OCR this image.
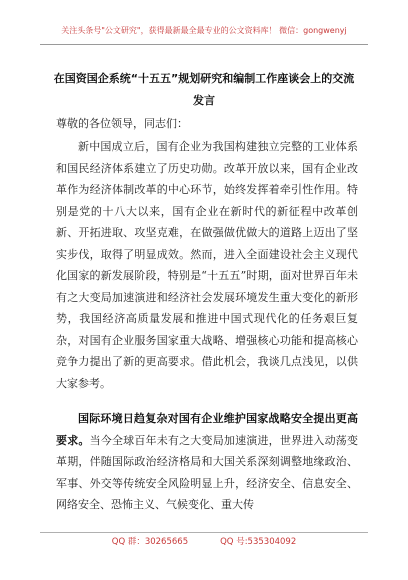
关注头条号"公文研究"，获得最新最全最专业的公文资料库！ 微信：gongwenyj
在国资国企系统“十五五”规划研究和编制工作座谈会上的交流发言
尊敬的各位领导，同志们：

新中国成立后，国有企业为我国构建独立完整的工业体系和国民经济体系建立了历史功勋。改革开放以来，国有企业改革作为经济体制改革的中心环节，始终发挥着牵引性作用。特别是党的十八大以来，国有企业在新时代的新征程中改革创新、开拓进取、攻坚克难，在做强做优做大的道路上迈出了坚实步伐，取得了明显成效。然而，进入全面建设社会主义现代化国家的新发展阶段，特别是“十五五”时期，面对世界百年未有之大变局加速演进和经济社会发展环境发生重大变化的新形势，我国经济高质量发展和推进中国式现代化的任务艰巨复杂，对国有企业服务国家重大战略、增强核心功能和提高核心竞争力提出了新的更高要求。借此机会，我谈几点浅见，以供大家参考。

国际环境日趋复杂对国有企业维护国家战略安全提出更高要求。当今全球百年未有之大变局加速演进，世界进入动荡变革期，伴随国际政治经济格局和大国关系深刻调整地缘政治、军事、外交等传统安全风险明显上升，经济安全、信息安全、网络安全、恐怖主义、气候变化、重大传

QQ 群：30265665	QQ 号:535304092
